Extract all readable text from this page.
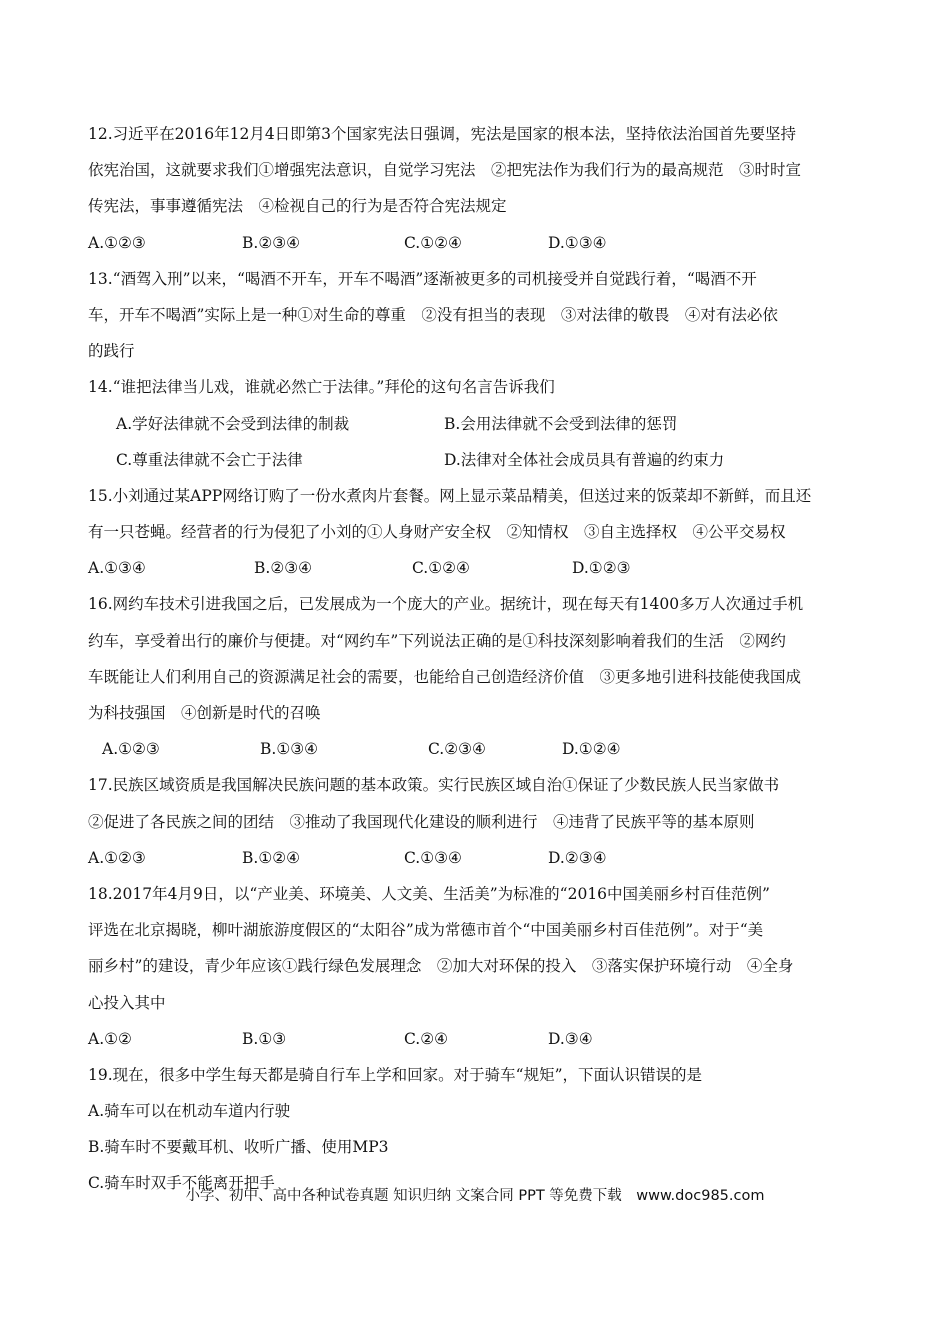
12.习近平在2016年12月4日即第3个国家宪法日强调，宪法是国家的根本法，坚持依法治国首先要坚持
依宪治国，这就要求我们①增强宪法意识，自觉学习宪法　②把宪法作为我们行为的最高规范　③时时宣
传宪法，事事遵循宪法　④检视自己的行为是否符合宪法规定
A.①②③	B.②③④	C.①②④	D.①③④
13.“酒驾入刑”以来，“喝酒不开车，开车不喝酒”逐渐被更多的司机接受并自觉践行着，“喝酒不开
车，开车不喝酒”实际上是一种①对生命的尊重　②没有担当的表现　③对法律的敬畏　④对有法必依
的践行
14.“谁把法律当儿戏，谁就必然亡于法律。”拜伦的这句名言告诉我们
A.学好法律就不会受到法律的制裁	B.会用法律就不会受到法律的惩罚
C.尊重法律就不会亡于法律	D.法律对全体社会成员具有普遍的约束力
15.小刘通过某APP网络订购了一份水煮肉片套餐。网上显示菜品精美，但送过来的饭菜却不新鲜，而且还
有一只苍蝇。经营者的行为侵犯了小刘的①人身财产安全权　②知情权　③自主选择权　④公平交易权
A.①③④	B.②③④	C.①②④	D.①②③
16.网约车技术引进我国之后，已发展成为一个庞大的产业。据统计，现在每天有1400多万人次通过手机
约车，享受着出行的廉价与便捷。对“网约车”下列说法正确的是①科技深刻影响着我们的生活　②网约
车既能让人们利用自己的资源满足社会的需要，也能给自己创造经济价值　③更多地引进科技能使我国成
为科技强国　④创新是时代的召唤
A.①②③	B.①③④	C.②③④	D.①②④
17.民族区域资质是我国解决民族问题的基本政策。实行民族区域自治①保证了少数民族人民当家做书
②促进了各民族之间的团结　③推动了我国现代化建设的顺利进行　④违背了民族平等的基本原则
A.①②③	B.①②④	C.①③④	D.②③④
18.2017年4月9日，以“产业美、环境美、人文美、生活美”为标准的“2016中国美丽乡村百佳范例”
评选在北京揭晓，柳叶湖旅游度假区的“太阳谷”成为常德市首个“中国美丽乡村百佳范例”。对于“美
丽乡村”的建设，青少年应该①践行绿色发展理念　②加大对环保的投入　③落实保护环境行动　④全身
心投入其中
A.①②	B.①③	C.②④	D.③④
19.现在，很多中学生每天都是骑自行车上学和回家。对于骑车“规矩”，下面认识错误的是
A.骑车可以在机动车道内行驶
B.骑车时不要戴耳机、收听广播、使用MP3
C.骑车时双手不能离开把手
小学、初中、高中各种试卷真题 知识归纳 文案合同 PPT 等免费下载　www.doc985.com
